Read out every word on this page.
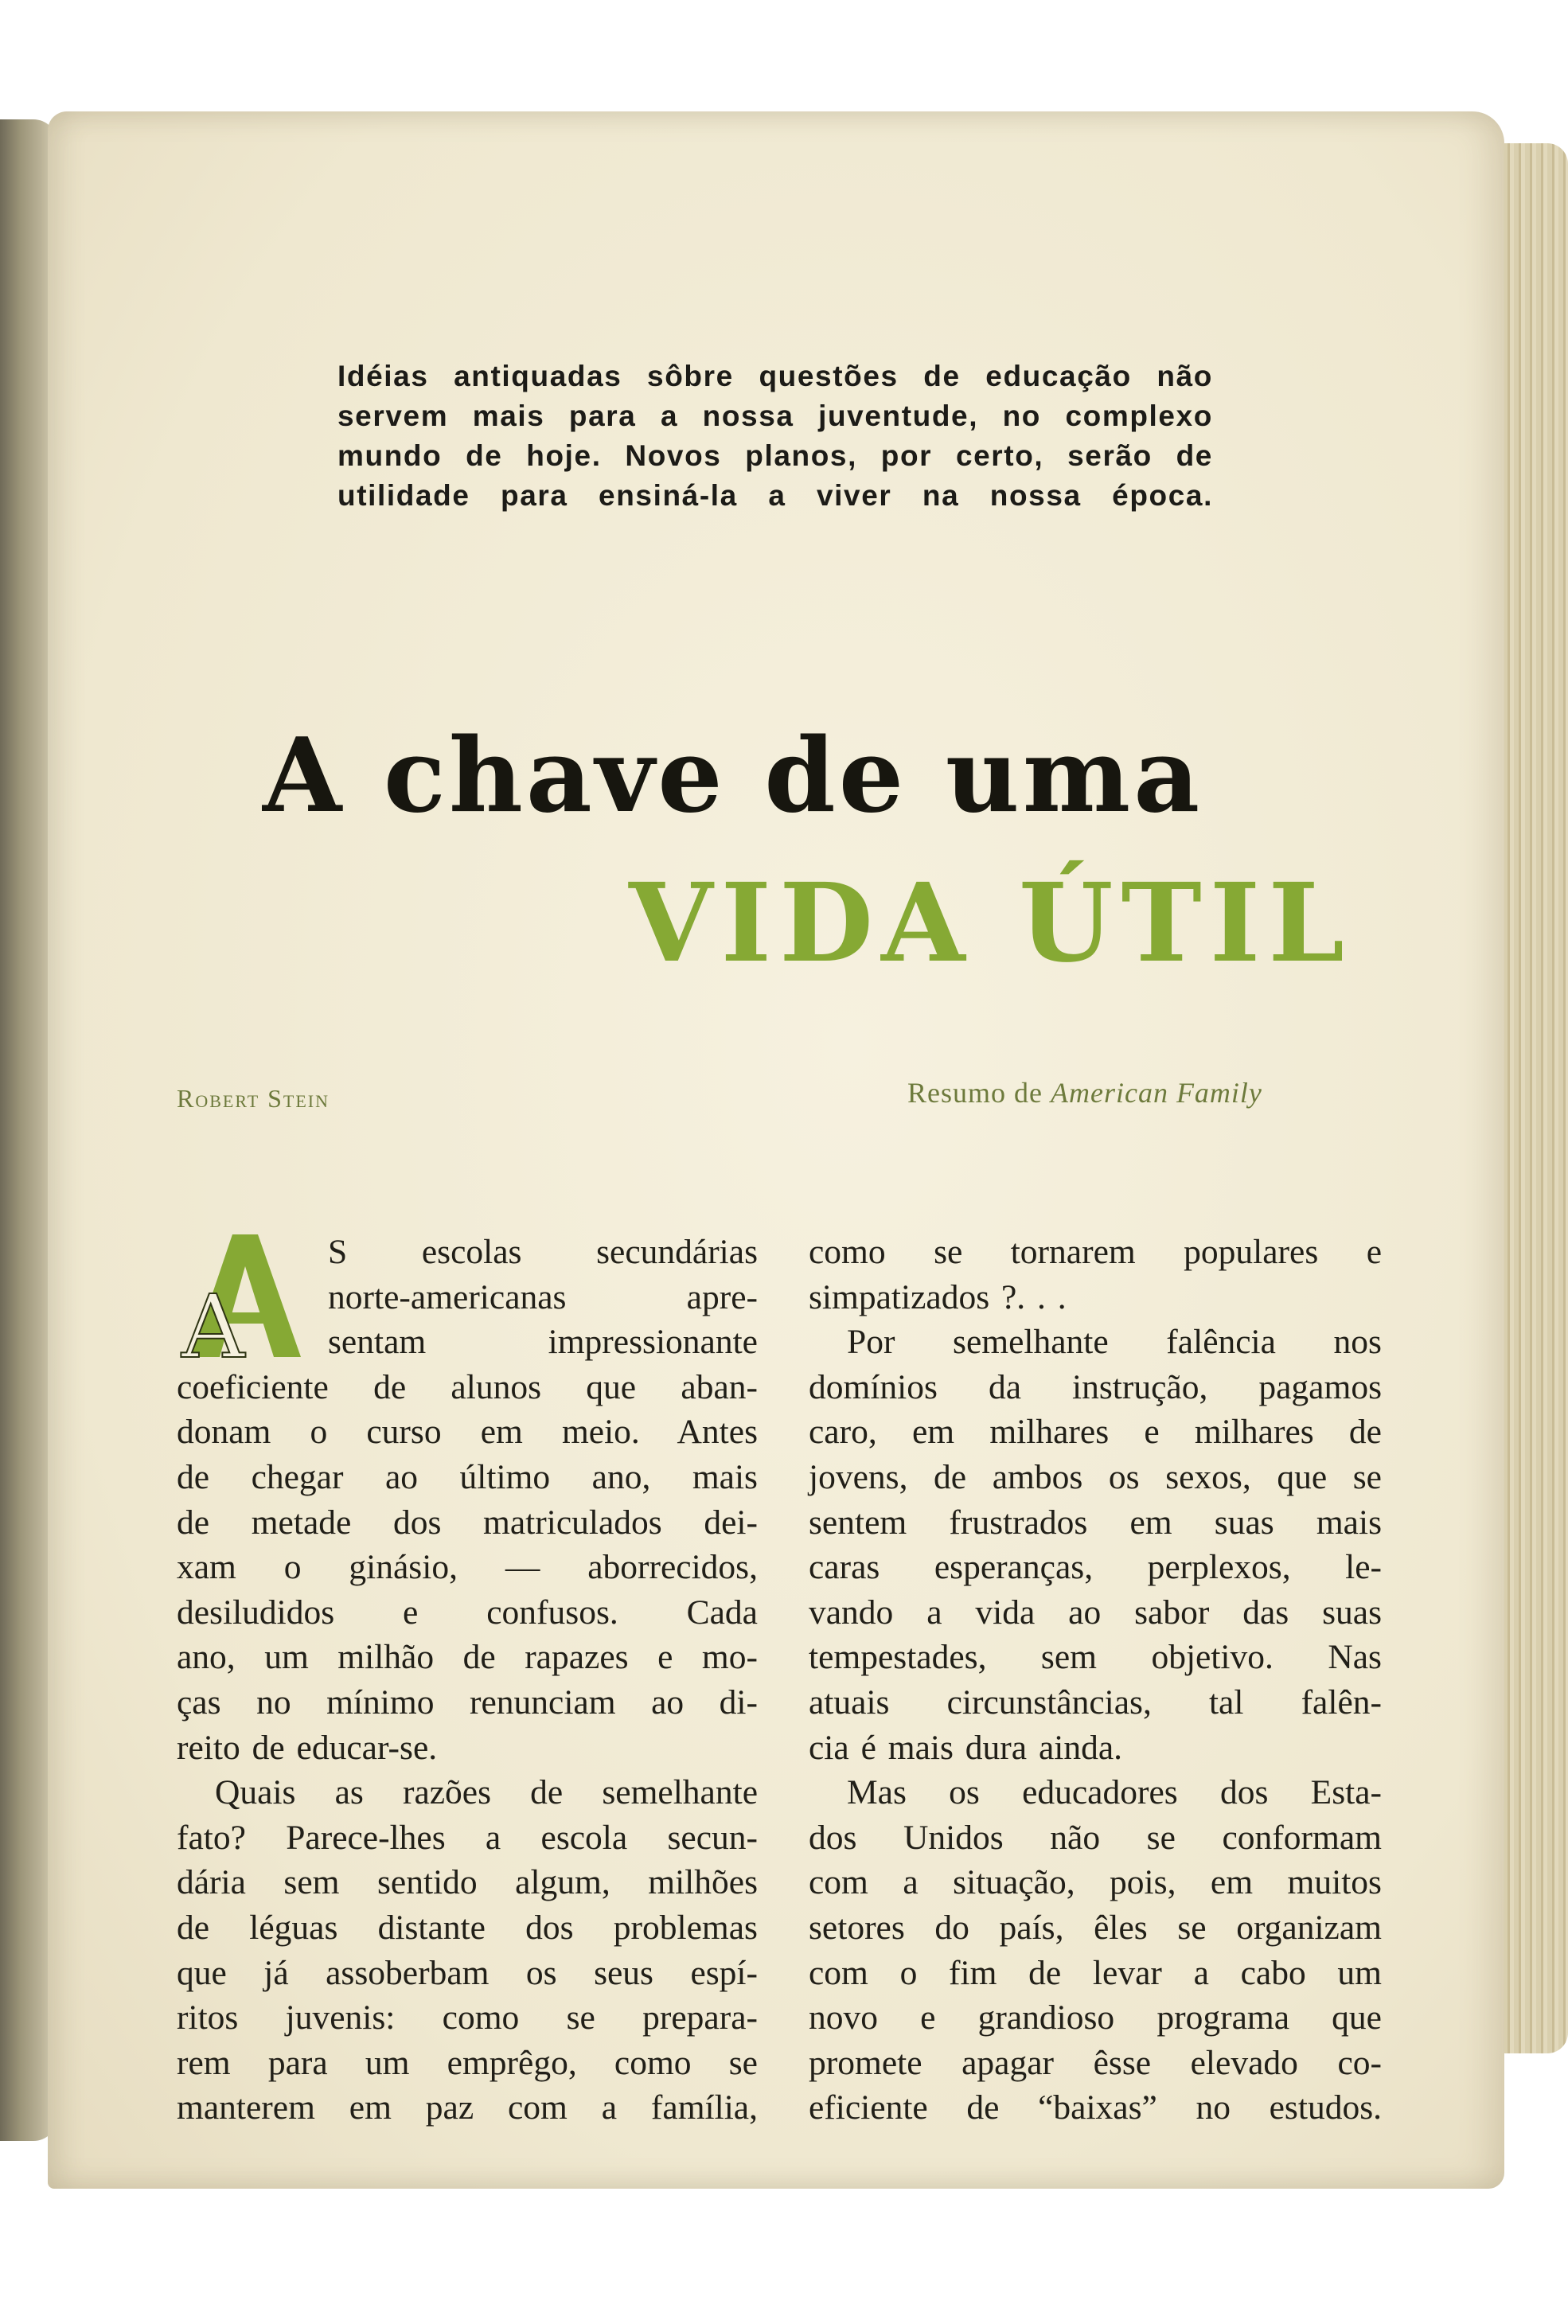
Idéias antiquadas sôbre questões de educação não
servem mais para a nossa juventude, no complexo
mundo de hoje. Novos planos, por certo, serão de
utilidade para ensiná-la a viver na nossa época.
A chave de uma
VIDA ÚTIL
Robert Stein	Resumo de American Family
A

S escolas secundárias
norte-americanas apre-
sentam impressionante
coeficiente de alunos que aban-
donam o curso em meio. Antes
de chegar ao último ano, mais
de metade dos matriculados dei-
xam o ginásio, — aborrecidos,
desiludidos e confusos. Cada
ano, um milhão de rapazes e mo-
ças no mínimo renunciam ao di-
reito de educar-se.

Quais as razões de semelhante
fato? Parece-lhes a escola secun-
dária sem sentido algum, milhões
de léguas distante dos problemas
que já assoberbam os seus espí-
ritos juvenis: como se prepara-
rem para um emprêgo, como se
manterem em paz com a família,

como se tornarem populares e
simpatizados ?. . .

Por semelhante falência nos
domínios da instrução, pagamos
caro, em milhares e milhares de
jovens, de ambos os sexos, que se
sentem frustrados em suas mais
caras esperanças, perplexos, le-
vando a vida ao sabor das suas
tempestades, sem objetivo. Nas
atuais circunstâncias, tal falên-
cia é mais dura ainda.

Mas os educadores dos Esta-
dos Unidos não se conformam
com a situação, pois, em muitos
setores do país, êles se organizam
com o fim de levar a cabo um
novo e grandioso programa que
promete apagar êsse elevado co-
eficiente de “baixas” no estudos.
